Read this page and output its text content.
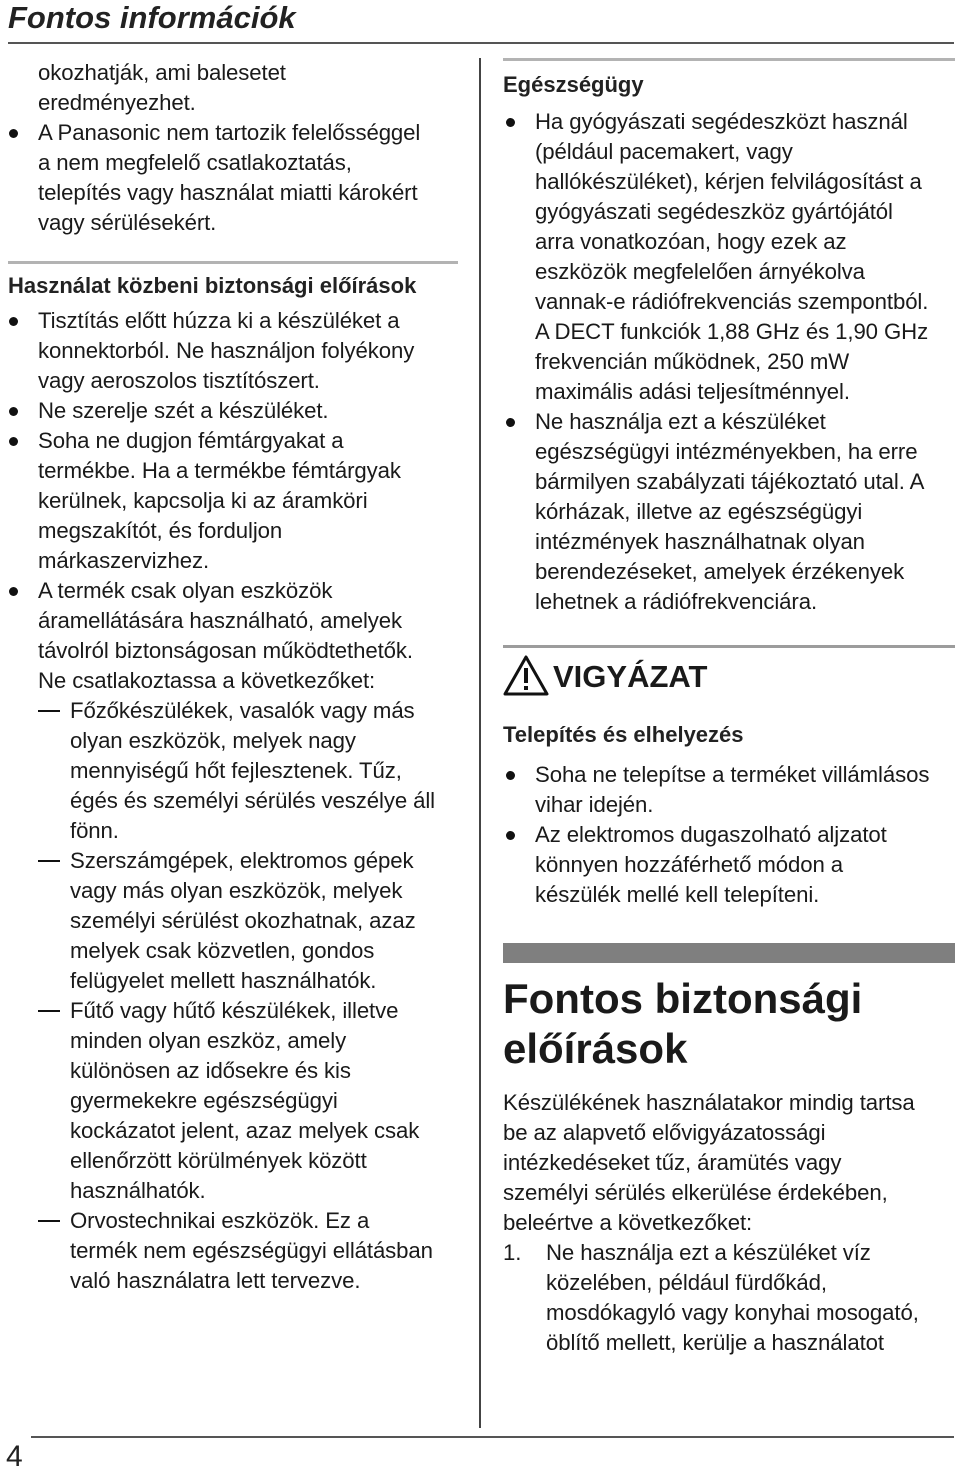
Fontos információk
okozhatják, ami balesetet
eredményezhet.
A Panasonic nem tartozik felelősséggel
a nem megfelelő csatlakoztatás,
telepítés vagy használat miatti károkért
vagy sérülésekért.
Használat közbeni biztonsági előírások
Tisztítás előtt húzza ki a készüléket a
konnektorból. Ne használjon folyékony
vagy aeroszolos tisztítószert.
Ne szerelje szét a készüléket.
Soha ne dugjon fémtárgyakat a
termékbe. Ha a termékbe fémtárgyak
kerülnek, kapcsolja ki az áramköri
megszakítót, és forduljon
márkaszervizhez.
A termék csak olyan eszközök
áramellátására használható, amelyek
távolról biztonságosan működtethetők.
Ne csatlakoztassa a következőket:
Főzőkészülékek, vasalók vagy más
olyan eszközök, melyek nagy
mennyiségű hőt fejlesztenek. Tűz,
égés és személyi sérülés veszélye áll
fönn.
Szerszámgépek, elektromos gépek
vagy más olyan eszközök, melyek
személyi sérülést okozhatnak, azaz
melyek csak közvetlen, gondos
felügyelet mellett használhatók.
Fűtő vagy hűtő készülékek, illetve
minden olyan eszköz, amely
különösen az idősekre és kis
gyermekekre egészségügyi
kockázatot jelent, azaz melyek csak
ellenőrzött körülmények között
használhatók.
Orvostechnikai eszközök. Ez a
termék nem egészségügyi ellátásban
való használatra lett tervezve.
Egészségügy
Ha gyógyászati segédeszközt használ
(például pacemakert, vagy
hallókészüléket), kérjen felvilágosítást a
gyógyászati segédeszköz gyártójától
arra vonatkozóan, hogy ezek az
eszközök megfelelően árnyékolva
vannak-e rádiófrekvenciás szempontból.
A DECT funkciók 1,88 GHz és 1,90 GHz
frekvencián működnek, 250 mW
maximális adási teljesítménnyel.
Ne használja ezt a készüléket
egészségügyi intézményekben, ha erre
bármilyen szabályzati tájékoztató utal. A
kórházak, illetve az egészségügyi
intézmények használhatnak olyan
berendezéseket, amelyek érzékenyek
lehetnek a rádiófrekvenciára.
VIGYÁZAT
Telepítés és elhelyezés
Soha ne telepítse a terméket villámlásos
vihar idején.
Az elektromos dugaszolható aljzatot
könnyen hozzáférhető módon a
készülék mellé kell telepíteni.
Fontos biztonsági
előírások
Készülékének használatakor mindig tartsa
be az alapvető elővigyázatossági
intézkedéseket tűz, áramütés vagy
személyi sérülés elkerülése érdekében,
beleértve a következőket:
1. Ne használja ezt a készüléket víz
közelében, például fürdőkád,
mosdókagyló vagy konyhai mosogató,
öblítő mellett, kerülje a használatot
4
